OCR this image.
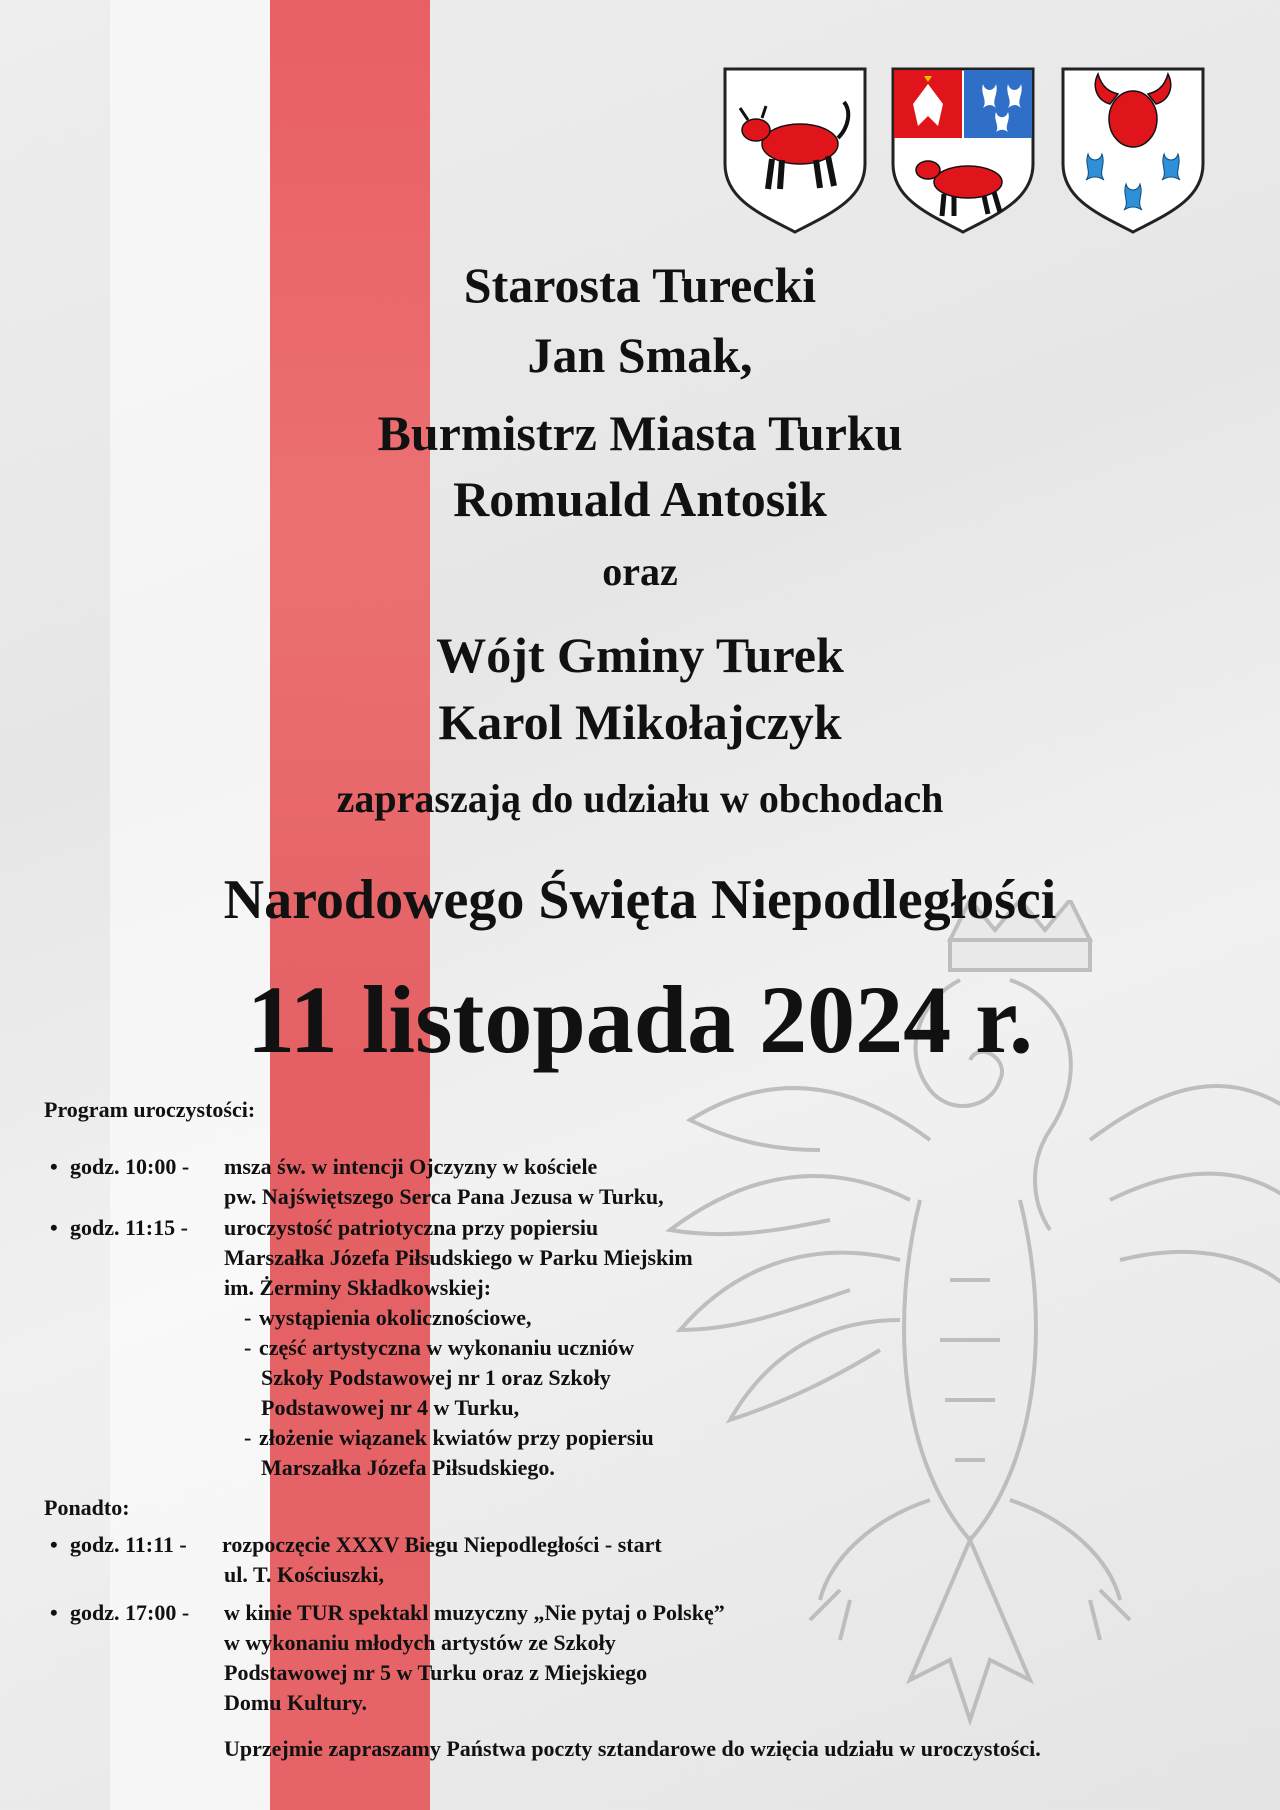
Starosta Turecki
Jan Smak,
Burmistrz Miasta Turku
Romuald Antosik
oraz
Wójt Gminy Turek
Karol Mikołajczyk
zapraszają do udziału w obchodach
Narodowego Święta Niepodległości
11 listopada 2024 r.
Program uroczystości:
• godz. 10:00 - msza św. w intencji Ojczyzny w kościele
pw. Najświętszego Serca Pana Jezusa w Turku,
• godz. 11:15 - uroczystość patriotyczna przy popiersiu
Marszałka Józefa Piłsudskiego w Parku Miejskim
im. Żerminy Składkowskiej:
- wystąpienia okolicznościowe,
- część artystyczna w wykonaniu uczniów
Szkoły Podstawowej nr 1 oraz Szkoły
Podstawowej nr 4 w Turku,
- złożenie wiązanek kwiatów przy popiersiu
Marszałka Józefa Piłsudskiego.
Ponadto:
• godz. 11:11 - rozpoczęcie XXXV Biegu Niepodległości - start
ul. T. Kościuszki,
• godz. 17:00 - w kinie TUR spektakl muzyczny „Nie pytaj o Polskę”
w wykonaniu młodych artystów ze Szkoły
Podstawowej nr 5 w Turku oraz z Miejskiego
Domu Kultury.
Uprzejmie zapraszamy Państwa poczty sztandarowe do wzięcia udziału w uroczystości.
